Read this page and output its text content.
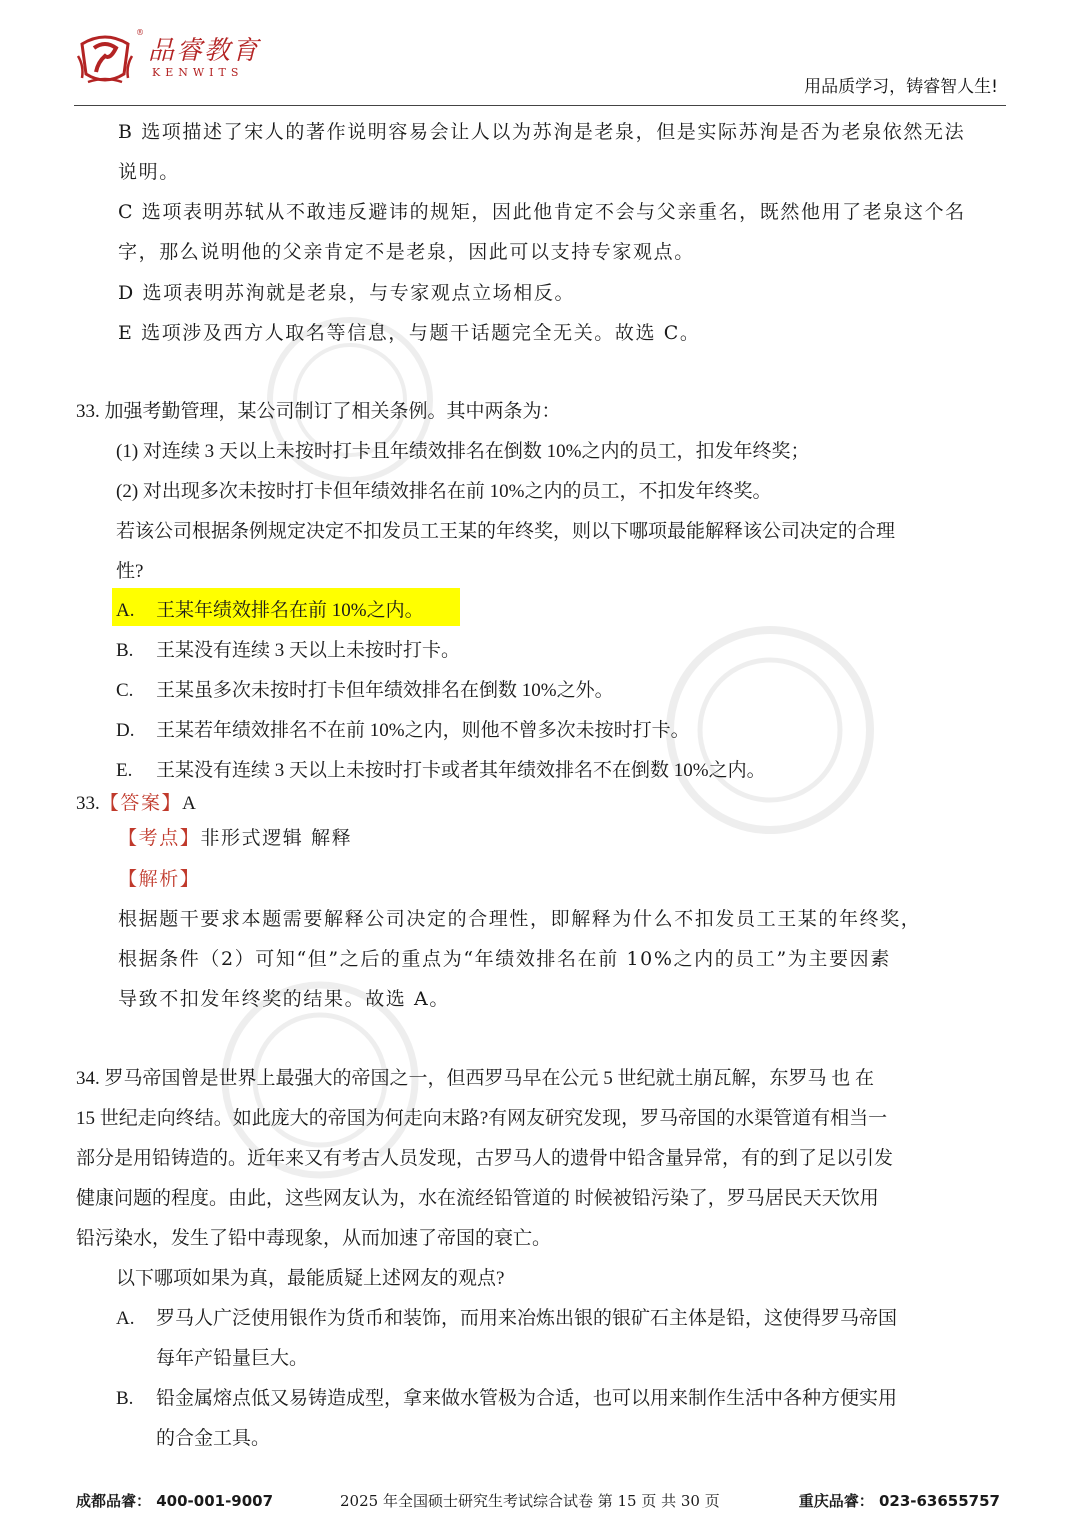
®
品睿教育
KENWITS
用品质学习，铸睿智人生!
B 选项描述了宋人的著作说明容易会让人以为苏洵是老泉，但是实际苏洵是否为老泉依然无法
说明。
C 选项表明苏轼从不敢违反避讳的规矩，因此他肯定不会与父亲重名，既然他用了老泉这个名
字，那么说明他的父亲肯定不是老泉，因此可以支持专家观点。
D 选项表明苏洵就是老泉，与专家观点立场相反。
E 选项涉及西方人取名等信息，与题干话题完全无关。故选 C。
33. 加强考勤管理，某公司制订了相关条例。其中两条为：
(1) 对连续 3 天以上未按时打卡且年绩效排名在倒数 10%之内的员工，扣发年终奖；
(2) 对出现多次未按时打卡但年绩效排名在前 10%之内的员工，不扣发年终奖。
若该公司根据条例规定决定不扣发员工王某的年终奖，则以下哪项最能解释该公司决定的合理
性?
A. 王某年绩效排名在前 10%之内。
B. 王某没有连续 3 天以上未按时打卡。
C. 王某虽多次未按时打卡但年绩效排名在倒数 10%之外。
D. 王某若年绩效排名不在前 10%之内，则他不曾多次未按时打卡。
E. 王某没有连续 3 天以上未按时打卡或者其年绩效排名不在倒数 10%之内。
33.【答案】A
【考点】非形式逻辑 解释
【解析】
根据题干要求本题需要解释公司决定的合理性，即解释为什么不扣发员工王某的年终奖，
根据条件（2）可知“但”之后的重点为“年绩效排名在前 10%之内的员工”为主要因素
导致不扣发年终奖的结果。故选 A。
34. 罗马帝国曾是世界上最强大的帝国之一，但西罗马早在公元 5 世纪就土崩瓦解，东罗马 也 在
15 世纪走向终结。如此庞大的帝国为何走向末路?有网友研究发现，罗马帝国的水渠管道有相当一
部分是用铅铸造的。近年来又有考古人员发现，古罗马人的遗骨中铅含量异常，有的到了足以引发
健康问题的程度。由此，这些网友认为，水在流经铅管道的 时候被铅污染了，罗马居民天天饮用
铅污染水，发生了铅中毒现象，从而加速了帝国的衰亡。
以下哪项如果为真，最能质疑上述网友的观点?
A. 罗马人广泛使用银作为货币和装饰，而用来冶炼出银的银矿石主体是铅，这使得罗马帝国
每年产铅量巨大。
B. 铅金属熔点低又易铸造成型，拿来做水管极为合适，也可以用来制作生活中各种方便实用
的合金工具。
成都品睿： 400-001-9007	2025 年全国硕士研究生考试综合试卷 第 15 页 共 30 页	重庆品睿： 023-63655757
